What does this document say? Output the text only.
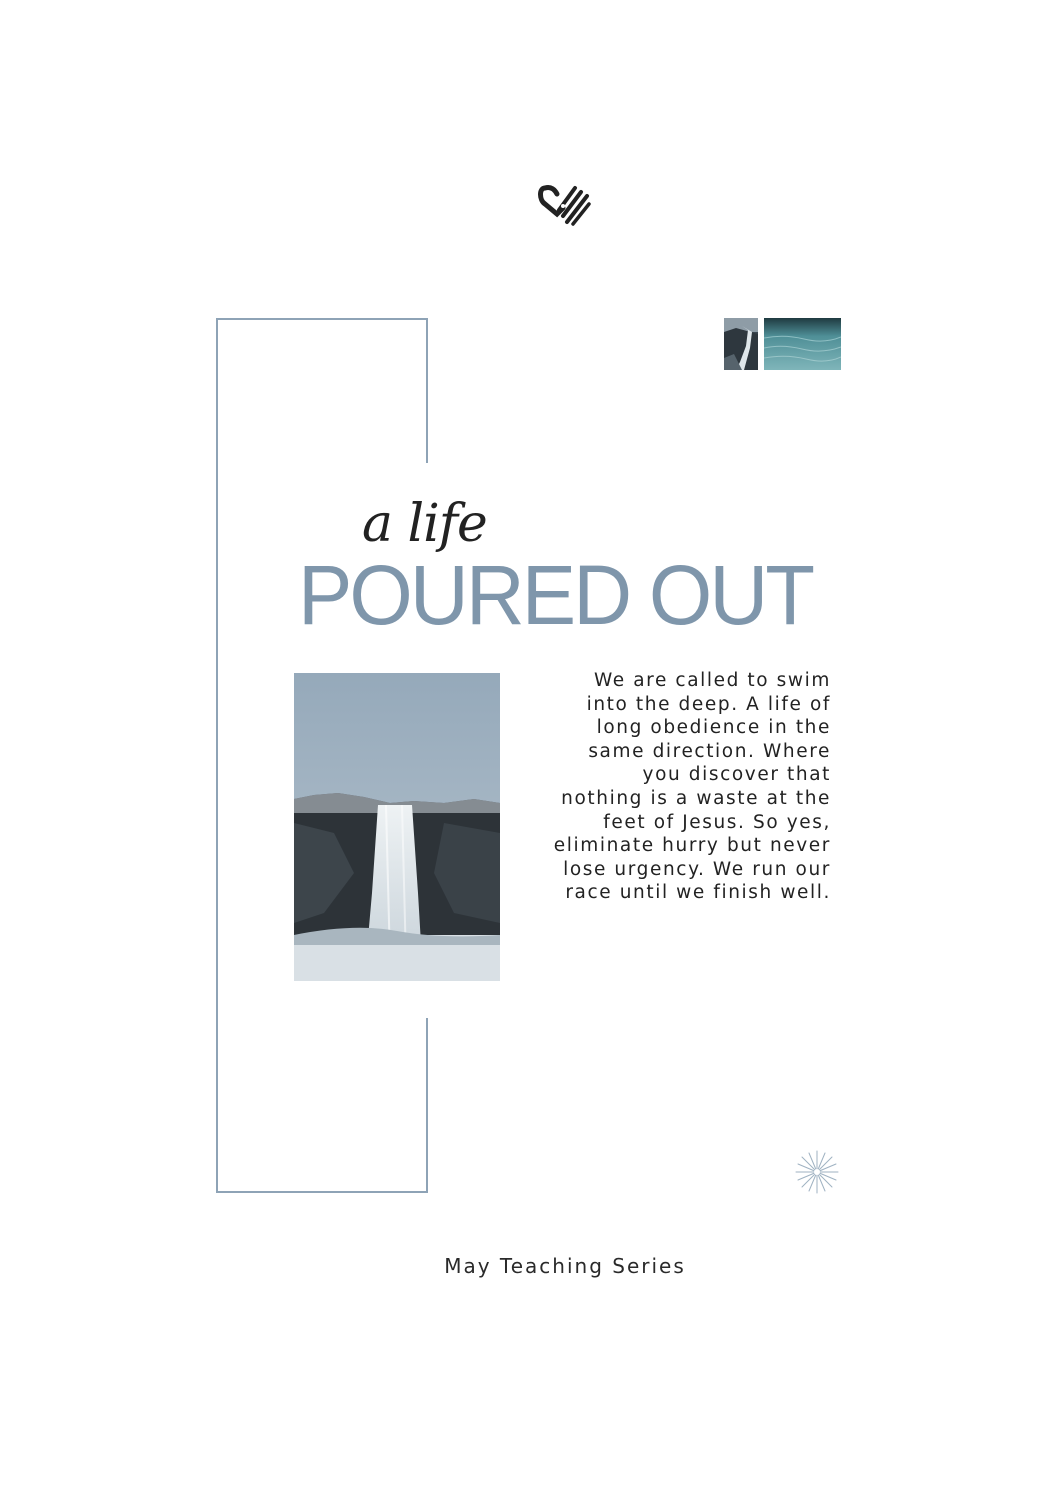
a life
POURED OUT
We are called to swim
into the deep. A life of
long obedience in the
same direction. Where
you discover that
nothing is a waste at the
feet of Jesus. So yes,
eliminate hurry but never
lose urgency. We run our
race until we finish well.
May Teaching Series
